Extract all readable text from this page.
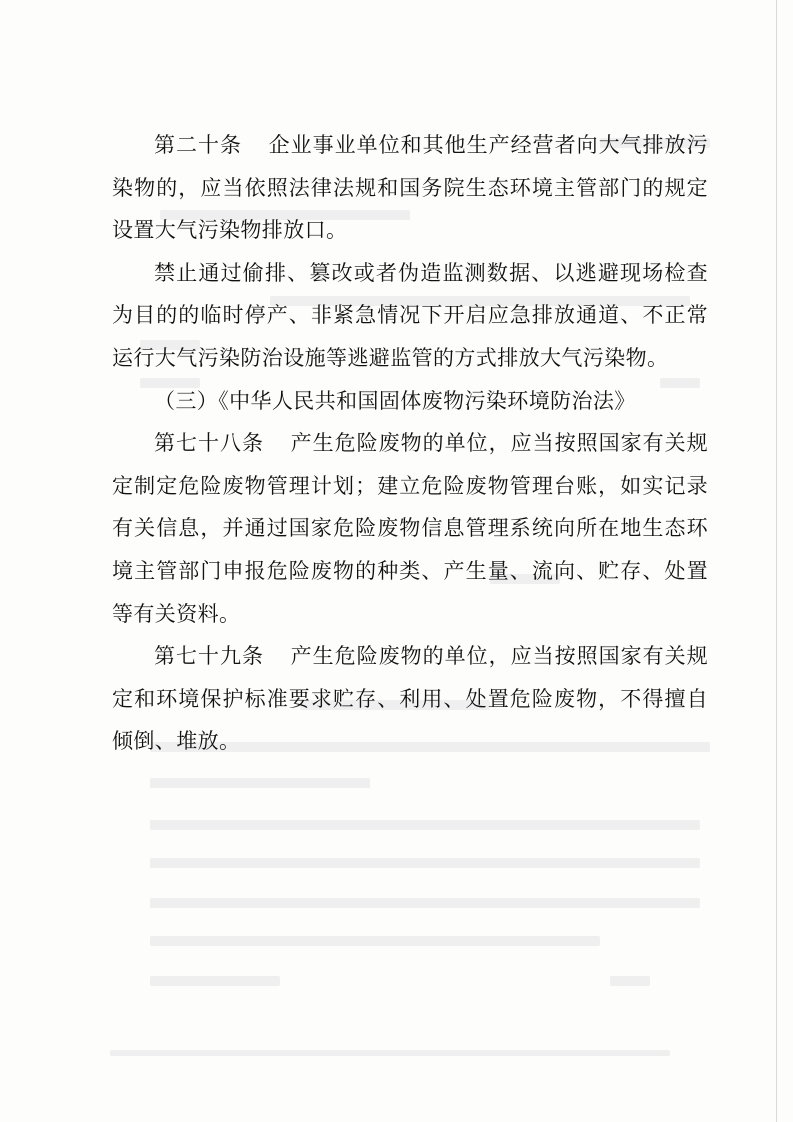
第二十条 企业事业单位和其他生产经营者向大气排放污染物的，应当依照法律法规和国务院生态环境主管部门的规定设置大气污染物排放口。

禁止通过偷排、篡改或者伪造监测数据、以逃避现场检查为目的的临时停产、非紧急情况下开启应急排放通道、不正常运行大气污染防治设施等逃避监管的方式排放大气污染物。

（三）《中华人民共和国固体废物污染环境防治法》

第七十八条 产生危险废物的单位，应当按照国家有关规定制定危险废物管理计划；建立危险废物管理台账，如实记录有关信息，并通过国家危险废物信息管理系统向所在地生态环境主管部门申报危险废物的种类、产生量、流向、贮存、处置等有关资料。

第七十九条 产生危险废物的单位，应当按照国家有关规定和环境保护标准要求贮存、利用、处置危险废物，不得擅自倾倒、堆放。
